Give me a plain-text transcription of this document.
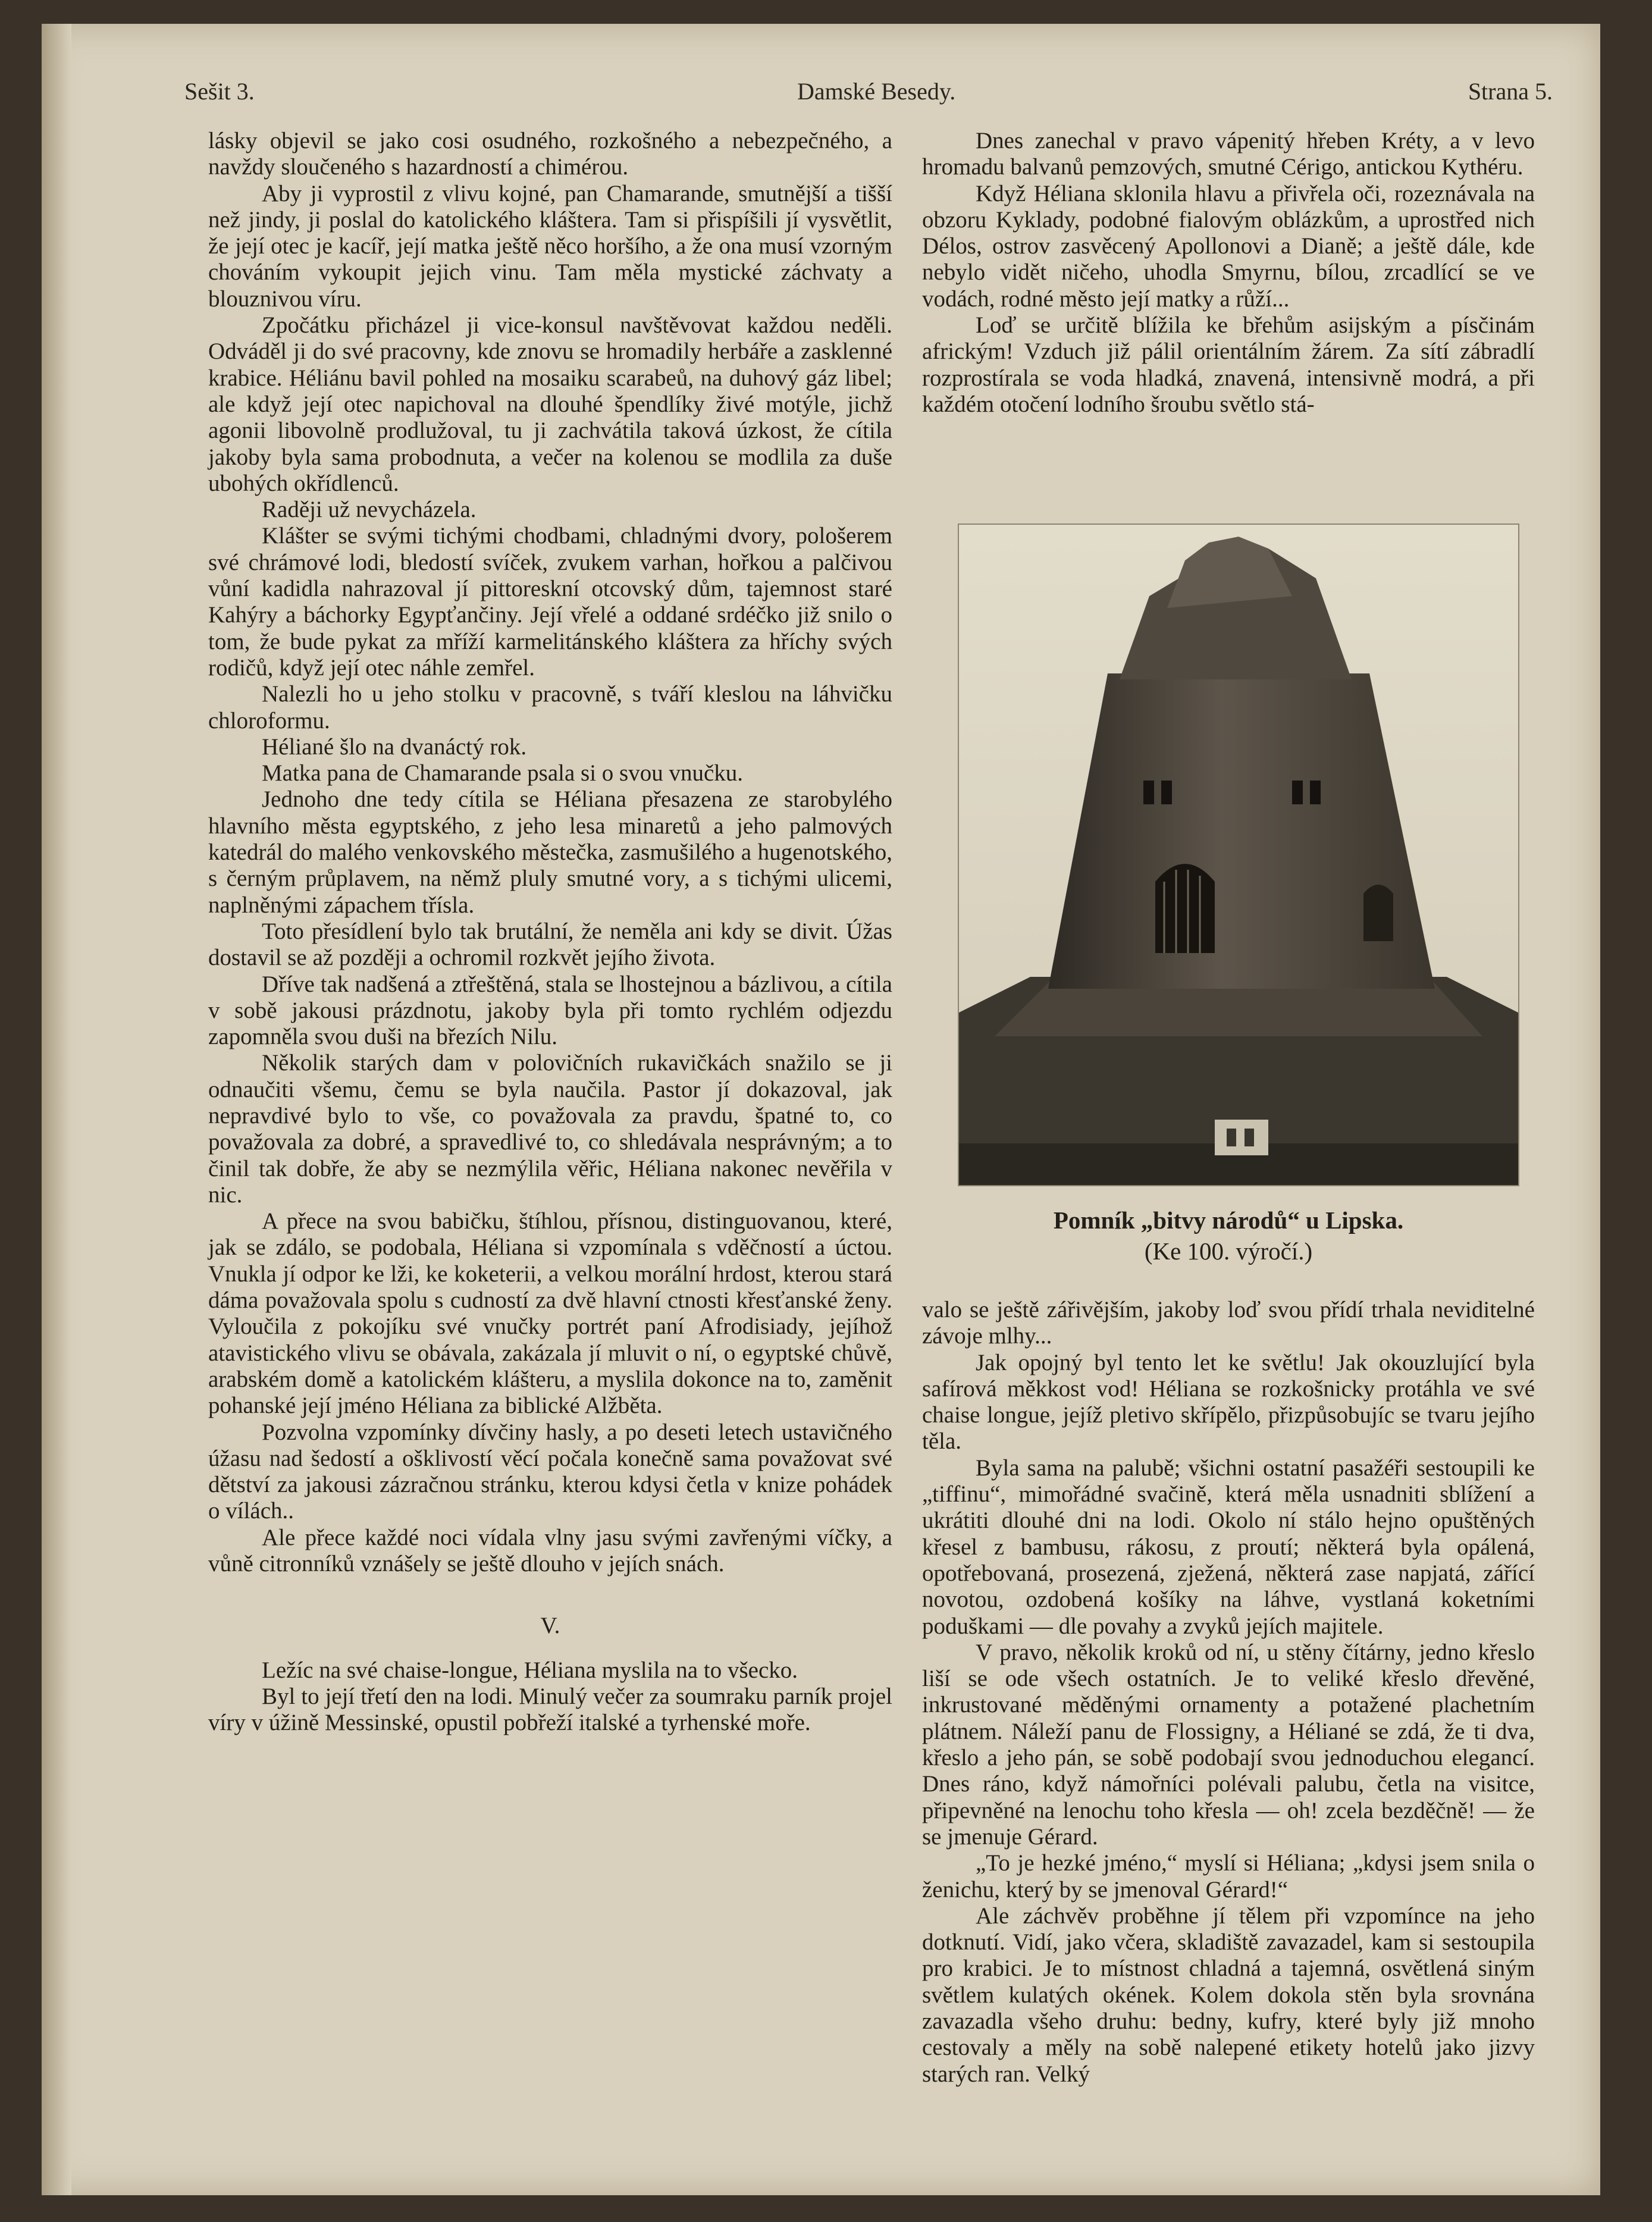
Sešit 3.	Damské Besedy.	Strana 5.

lásky objevil se jako cosi osudného, rozkošného a nebezpečného, a navždy sloučeného s hazardností a chimérou.

Aby ji vyprostil z vlivu kojné, pan Chamarande, smutnější a tišší než jindy, ji poslal do katolického kláštera. Tam si přispíšili jí vysvětlit, že její otec je kacíř, její matka ještě něco horšího, a že ona musí vzorným chováním vykoupit jejich vinu. Tam měla mystické záchvaty a blouznivou víru.

Zpočátku přicházel ji vice-konsul navštěvovat každou neděli. Odváděl ji do své pracovny, kde znovu se hromadily herbáře a zasklenné krabice. Héliánu bavil pohled na mosaiku scarabeů, na duhový gáz libel; ale když její otec napichoval na dlouhé špendlíky živé motýle, jichž agonii libovolně prodlužoval, tu ji zachvátila taková úzkost, že cítila jakoby byla sama probodnuta, a večer na kolenou se modlila za duše ubohých okřídlenců.

Raději už nevycházela.

Klášter se svými tichými chodbami, chladnými dvory, pološerem své chrámové lodi, bledostí svíček, zvukem varhan, hořkou a palčivou vůní kadidla nahrazoval jí pittoreskní otcovský dům, tajemnost staré Kahýry a báchorky Egypťančiny. Její vřelé a oddané srdéčko již snilo o tom, že bude pykat za mříží karmelitánského kláštera za hříchy svých rodičů, když její otec náhle zemřel.

Nalezli ho u jeho stolku v pracovně, s tváří kleslou na láhvičku chloroformu.

Héliané šlo na dvanáctý rok.

Matka pana de Chamarande psala si o svou vnučku.

Jednoho dne tedy cítila se Héliana přesazena ze starobylého hlavního města egyptského, z jeho lesa minaretů a jeho palmových katedrál do malého venkovského městečka, zasmušilého a hugenotského, s černým průplavem, na němž pluly smutné vory, a s tichými ulicemi, naplněnými zápachem tříslа.

Toto přesídlení bylo tak brutální, že neměla ani kdy se divit. Úžas dostavil se až později a ochromil rozkvět jejího života.

Dříve tak nadšená a ztřeštěná, stala se lhostejnou a bázlivou, a cítila v sobě jakousi prázdnotu, jakoby byla při tomto rychlém odjezdu zapomněla svou duši na březích Nilu.

Několik starých dam v polovičních rukavičkách snažilo se ji odnaučiti všemu, čemu se byla naučila. Pastor jí dokazoval, jak nepravdivé bylo to vše, co považovala za pravdu, špatné to, co považovala za dobré, a spravedlivé to, co shledávala nesprávným; a to činil tak dobře, že aby se nezmýlila věřic, Héliana nakonec nevěřila v nic.

A přece na svou babičku, štíhlou, přísnou, distinguovanou, které, jak se zdálo, se podobala, Héliana si vzpomínala s vděčností a úctou. Vnukla jí odpor ke lži, ke koketerii, a velkou morální hrdost, kterou stará dáma považovala spolu s cudností za dvě hlavní ctnosti křesťanské ženy. Vyloučila z pokojíku své vnučky portrét paní Afrodisiady, jejíhož atavistického vlivu se obávala, zakázala jí mluvit o ní, o egyptské chůvě, arabském domě a katolickém klášteru, a myslila dokonce na to, zaměnit pohanské její jméno Héliana za biblické Alžběta.

Pozvolna vzpomínky dívčiny hasly, a po deseti letech ustavičného úžasu nad šedostí a ošklivostí věcí počala konečně sama považovat své dětství za jakousi zázračnou stránku, kterou kdysi četla v knize pohádek o vílách..

Ale přece každé noci vídala vlny jasu svými zavřenými víčky, a vůně citronníků vznášely se ještě dlouho v jejích snách.

V.

Ležíc na své chaise-longue, Héliana myslila na to všecko.

Byl to její třetí den na lodi. Minulý večer za soumraku parník projel víry v úžině Messinské, opustil pobřeží italské a tyrhenské moře.

Dnes zanechal v pravo vápenitý hřeben Kréty, a v levo hromadu balvanů pemzových, smutné Cérigo, antickou Kythéru.

Když Héliana sklonila hlavu a přivřela oči, rozeznávala na obzoru Kyklady, podobné fialovým oblázkům, a uprostřed nich Délos, ostrov zasvěcený Apollonovi a Dianě; a ještě dále, kde nebylo vidět ničeho, uhodla Smyrnu, bílou, zrcadlící se ve vodách, rodné město její matky a růží...

Loď se určitě blížila ke břehům asijským a písčinám africkým! Vzduch již pálil orientálním žárem. Za sítí zábradlí rozprostírala se voda hladká, znavená, intensivně modrá, a při každém otočení lodního šroubu světlo stá-

Pomník „bitvy národů“ u Lipska.
(Ke 100. výročí.)

valo se ještě zářivějším, jakoby loď svou přídí trhala neviditelné závoje mlhy...

Jak opojný byl tento let ke světlu! Jak okouzlující byla safírová měkkost vod! Héliana se rozkošnicky protáhla ve své chaise longue, jejíž pletivo skřípělo, přizpůsobujíc se tvaru jejího těla.

Byla sama na palubě; všichni ostatní pasažéři sestoupili ke „tiffinu“, mimořádné svačině, která měla usnadniti sblížení a ukrátiti dlouhé dni na lodi. Okolo ní stálo hejno opuštěných křesel z bambusu, rákosu, z proutí; některá byla opálená, opotřebovaná, prosezená, zježená, některá zase napjatá, zářící novotou, ozdobená košíky na láhve, vystlaná koketními poduškami — dle povahy a zvyků jejích majitele.

V pravo, několik kroků od ní, u stěny čítárny, jedno křeslo liší se ode všech ostatních. Je to veliké křeslo dřevěné, inkrustované měděnými ornamenty a potažené plachetním plátnem. Náleží panu de Flossigny, a Héliané se zdá, že ti dva, křeslo a jeho pán, se sobě podobají svou jednoduchou elegancí. Dnes ráno, když námořníci polévali palubu, četla na visitce, připevněné na lenochu toho křesla — oh! zcela bezděčně! — že se jmenuje Gérard.

„To je hezké jméno,“ myslí si Héliana; „kdysi jsem snila o ženichu, který by se jmenoval Gérard!“

Ale záchvěv proběhne jí tělem při vzpomínce na jeho dotknutí. Vidí, jako včera, skladiště zavazadel, kam si sestoupila pro krabici. Je to místnost chladná a tajemná, osvětlená siným světlem kulatých okének. Kolem dokola stěn byla srovnána zavazadla všeho druhu: bedny, kufry, které byly již mnoho cestovaly a měly na sobě nalepené etikety hotelů jako jizvy starých ran. Velký
